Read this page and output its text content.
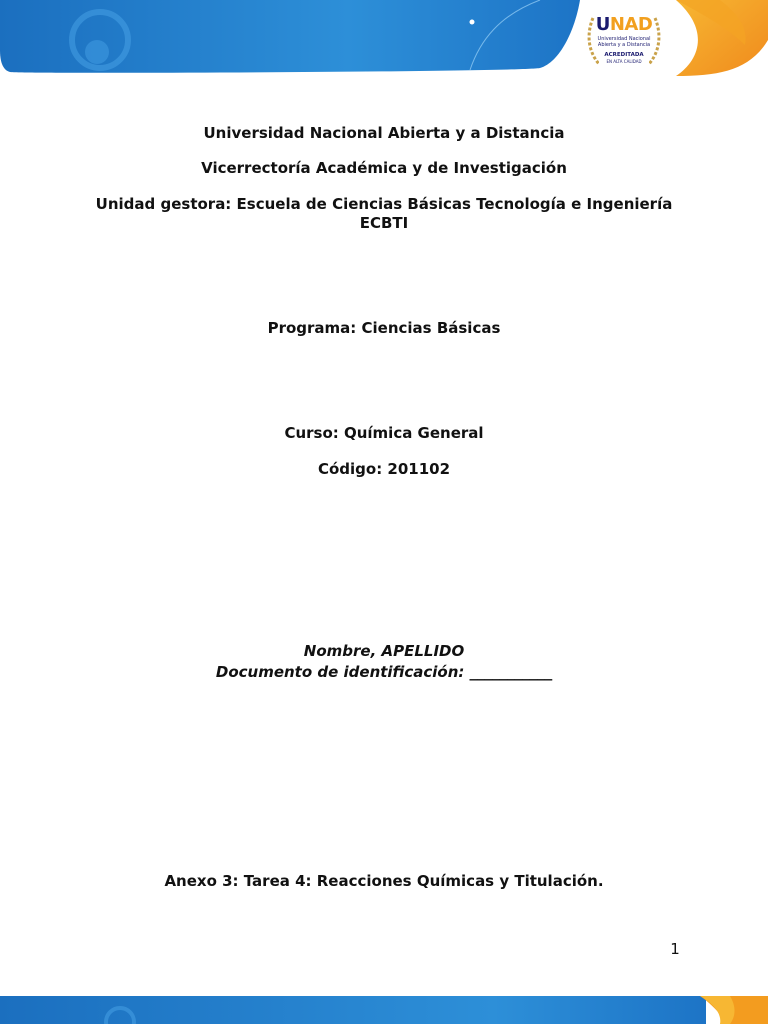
UNAD
Universidad Nacional
Abierta y a Distancia
ACREDITADA
EN ALTA CALIDAD

Universidad Nacional Abierta y a Distancia

Vicerrectoría Académica y de Investigación

Unidad gestora: Escuela de Ciencias Básicas Tecnología e Ingeniería

ECBTI

Programa: Ciencias Básicas

Curso: Química General

Código: 201102

Nombre, APELLIDO

Documento de identificación: ___________

Anexo 3: Tarea 4: Reacciones Químicas y Titulación.

1
